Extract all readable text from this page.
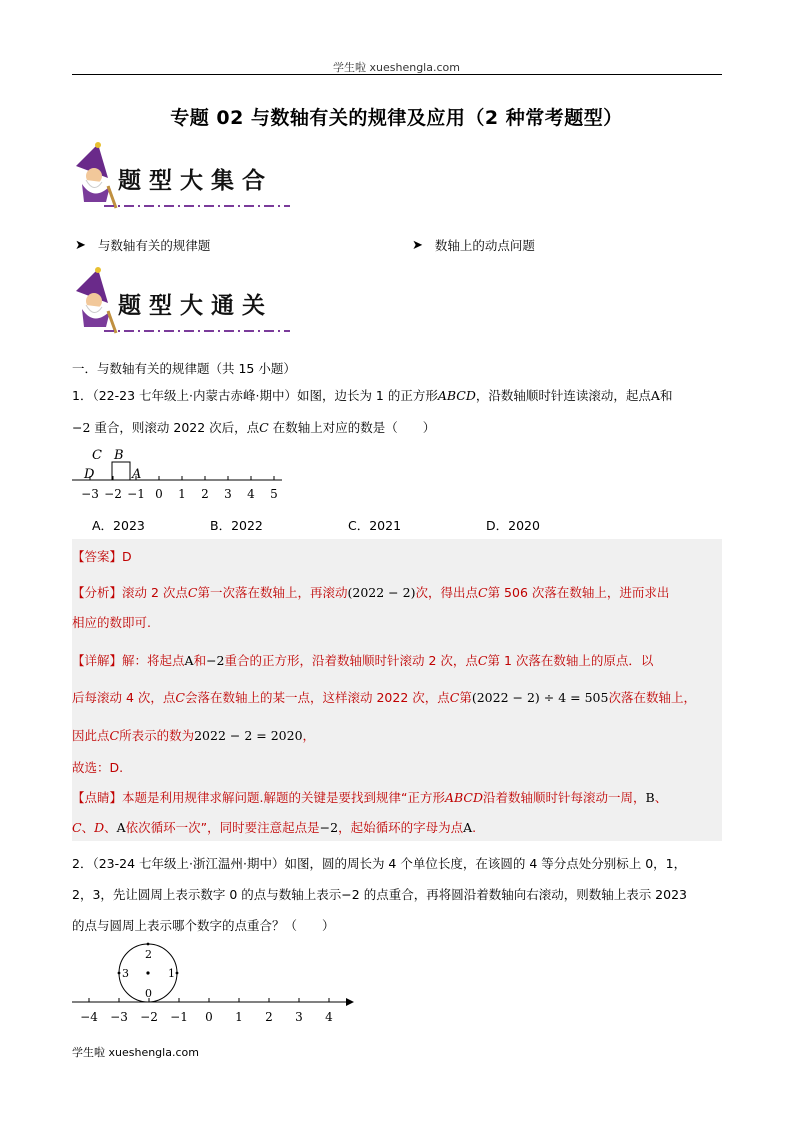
学生啦 xueshengla.com
专题 02 与数轴有关的规律及应用（2 种常考题型）
题型大集合
➤ 与数轴有关的规律题	➤ 数轴上的动点问题
题型大通关
一．与数轴有关的规律题（共 15 小题）
1．（22-23 七年级上·内蒙古赤峰·期中）如图，边长为 1 的正方形ABCD，沿数轴顺时针连读滚动，起点A和
−2 重合，则滚动 2022 次后，点C 在数轴上对应的数是（　　）
C B
D	A
−3 −2 −1 0 1 2 3 4 5
A．2023	B．2022	C．2021	D．2020
【答案】D
【分析】滚动 2 次点C第一次落在数轴上，再滚动(2022 − 2)次，得出点C第 506 次落在数轴上，进而求出
相应的数即可.
【详解】解：将起点A和−2重合的正方形，沿着数轴顺时针滚动 2 次，点C第 1 次落在数轴上的原点．以
后每滚动 4 次，点C会落在数轴上的某一点，这样滚动 2022 次，点C第(2022 − 2) ÷ 4 = 505次落在数轴上，
因此点C所表示的数为2022 − 2 = 2020，
故选：D.
【点睛】本题是利用规律求解问题.解题的关键是要找到规律“正方形ABCD沿着数轴顺时针每滚动一周，B、
C、D、A依次循环一次”，同时要注意起点是−2，起始循环的字母为点A.
2．（23-24 七年级上·浙江温州·期中）如图，圆的周长为 4 个单位长度，在该圆的 4 等分点处分别标上 0，1，
2，3，先让圆周上表示数字 0 的点与数轴上表示−2 的点重合，再将圆沿着数轴向右滚动，则数轴上表示 2023
的点与圆周上表示哪个数字的点重合？（　　）
0
1
2
3
−4 −3 −2 −1 0 1 2 3 4
学生啦 xueshengla.com
